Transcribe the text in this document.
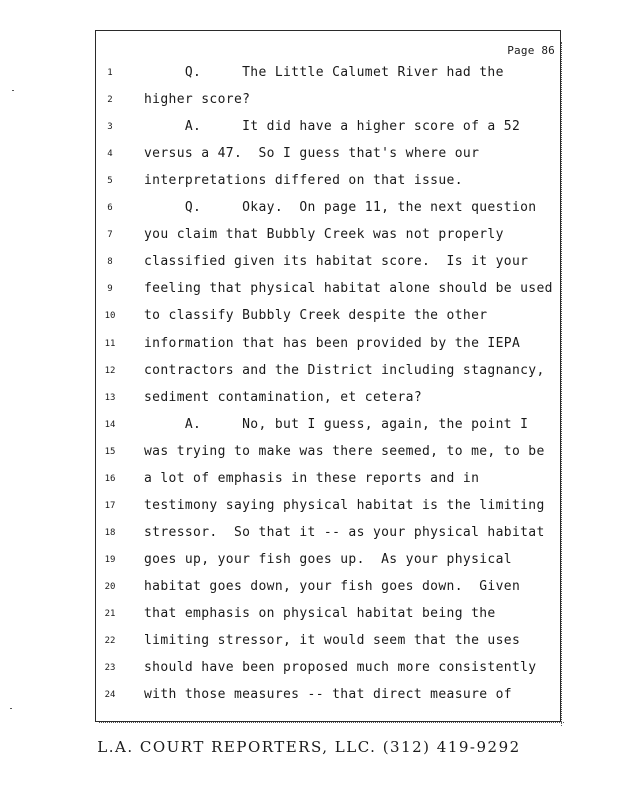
Page 86
1	Q.     The Little Calumet River had the
2	higher score?
3	A.     It did have a higher score of a 52
4	versus a 47.  So I guess that's where our
5	interpretations differed on that issue.
6	Q.     Okay.  On page 11, the next question
7	you claim that Bubbly Creek was not properly
8	classified given its habitat score.  Is it your
9	feeling that physical habitat alone should be used
10 to classify Bubbly Creek despite the other
11 information that has been provided by the IEPA
12 contractors and the District including stagnancy,
13 sediment contamination, et cetera?
14 A.     No, but I guess, again, the point I
15 was trying to make was there seemed, to me, to be
16 a lot of emphasis in these reports and in
17 testimony saying physical habitat is the limiting
18 stressor.  So that it -- as your physical habitat
19 goes up, your fish goes up.  As your physical
20 habitat goes down, your fish goes down.  Given
21 that emphasis on physical habitat being the
22 limiting stressor, it would seem that the uses
23 should have been proposed much more consistently
24 with those measures -- that direct measure of
L.A. COURT REPORTERS, LLC. (312) 419-9292
